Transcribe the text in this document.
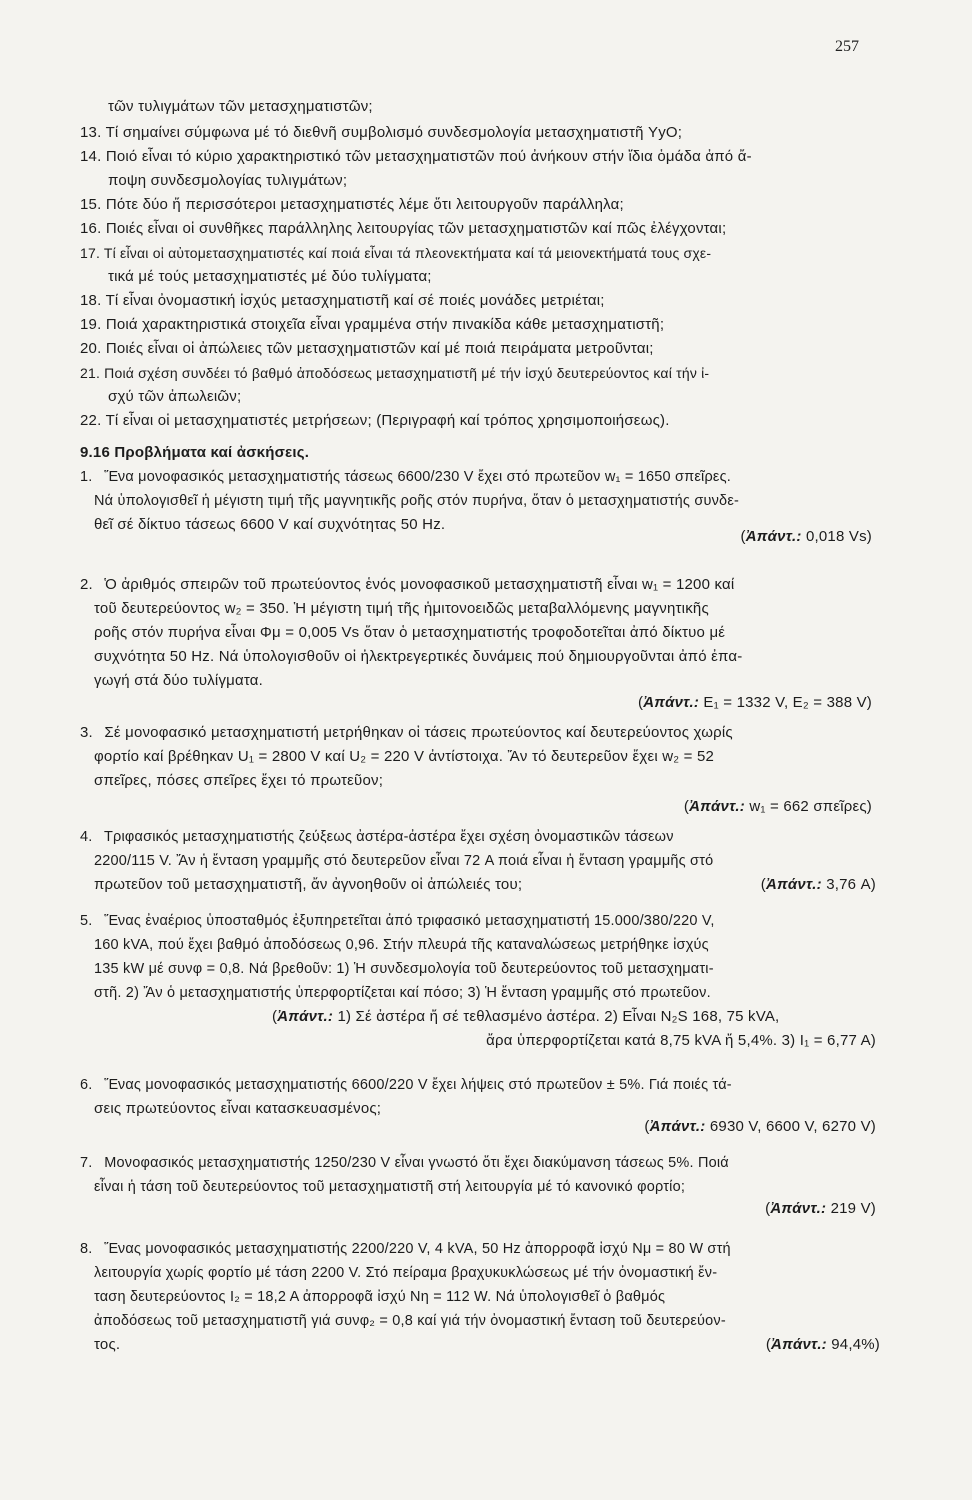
257
τῶν τυλιγμάτων τῶν μετασχηματιστῶν;
13. Τί σημαίνει σύμφωνα μέ τό διεθνῆ συμβολισμό συνδεσμολογία μετασχηματιστῆ YyO;
14. Ποιό εἶναι τό κύριο χαρακτηριστικό τῶν μετασχηματιστῶν πού ἀνήκουν στήν ἴδια ὁμάδα ἀπό ἄ-
ποψη συνδεσμολογίας τυλιγμάτων;
15. Πότε δύο ἤ περισσότεροι μετασχηματιστές λέμε ὅτι λειτουργοῦν παράλληλα;
16. Ποιές εἶναι οἱ συνθῆκες παράλληλης λειτουργίας τῶν μετασχηματιστῶν καί πῶς ἐλέγχονται;
17. Τί εἶναι οἱ αὐτομετασχηματιστές καί ποιά εἶναι τά πλεονεκτήματα καί τά μειονεκτήματά τους σχε-
τικά μέ τούς μετασχηματιστές μέ δύο τυλίγματα;
18. Τί εἶναι ὀνομαστική ἰσχύς μετασχηματιστῆ καί σέ ποιές μονάδες μετριέται;
19. Ποιά χαρακτηριστικά στοιχεῖα εἶναι γραμμένα στήν πινακίδα κάθε μετασχηματιστῆ;
20. Ποιές εἶναι οἱ ἀπώλειες τῶν μετασχηματιστῶν καί μέ ποιά πειράματα μετροῦνται;
21. Ποιά σχέση συνδέει τό βαθμό ἀποδόσεως μετασχηματιστῆ μέ τήν ἰσχύ δευτερεύοντος καί τήν ἰ-
σχύ τῶν ἀπωλειῶν;
22. Τί εἶναι οἱ μετασχηματιστές μετρήσεων; (Περιγραφή καί τρόπος χρησιμοποιήσεως).
9.16 Προβλήματα καί ἀσκήσεις.
1. Ἕνα μονοφασικός μετασχηματιστής τάσεως 6600/230 V ἔχει στό πρωτεῦον w₁ = 1650 σπεῖρες.
Νά ὑπολογισθεῖ ἡ μέγιστη τιμή τῆς μαγνητικῆς ροῆς στόν πυρήνα, ὅταν ὁ μετασχηματιστής συνδε-
θεῖ σέ δίκτυο τάσεως 6600 V καί συχνότητας 50 Hz.
(Ἀπάντ.: 0,018 Vs)
2. Ὁ ἀριθμός σπειρῶν τοῦ πρωτεύοντος ἑνός μονοφασικοῦ μετασχηματιστῆ εἶναι w₁ = 1200 καί
τοῦ δευτερεύοντος w₂ = 350. Ἡ μέγιστη τιμή τῆς ἡμιτονοειδῶς μεταβαλλόμενης μαγνητικῆς
ροῆς στόν πυρήνα εἶναι Φμ = 0,005 Vs ὅταν ὁ μετασχηματιστής τροφοδοτεῖται ἀπό δίκτυο μέ
συχνότητα 50 Hz. Νά ὑπολογισθοῦν οἱ ἠλεκτρεγερτικές δυνάμεις πού δημιουργοῦνται ἀπό ἐπα-
γωγή στά δύο τυλίγματα.
(Ἀπάντ.: E₁ = 1332 V, E₂ = 388 V)
3. Σέ μονοφασικό μετασχηματιστή μετρήθηκαν οἱ τάσεις πρωτεύοντος καί δευτερεύοντος χωρίς
φορτίο καί βρέθηκαν U₁ = 2800 V καί U₂ = 220 V ἀντίστοιχα. Ἄν τό δευτερεῦον ἔχει w₂ = 52
σπεῖρες, πόσες σπεῖρες ἔχει τό πρωτεῦον;
(Ἀπάντ.: w₁ = 662 σπεῖρες)
4. Τριφασικός μετασχηματιστής ζεύξεως ἀστέρα-ἀστέρα ἔχει σχέση ὀνομαστικῶν τάσεων
2200/115 V. Ἄν ἡ ἔνταση γραμμῆς στό δευτερεῦον εἶναι 72 A ποιά εἶναι ἡ ἔνταση γραμμῆς στό
πρωτεῦον τοῦ μετασχηματιστῆ, ἄν ἀγνοηθοῦν οἱ ἀπώλειές του;	(Ἀπάντ.: 3,76 A)
5. Ἕνας ἐναέριος ὑποσταθμός ἐξυπηρετεῖται ἀπό τριφασικό μετασχηματιστή 15.000/380/220 V,
160 kVA, πού ἔχει βαθμό ἀποδόσεως 0,96. Στήν πλευρά τῆς καταναλώσεως μετρήθηκε ἰσχύς
135 kW μέ συνφ = 0,8. Νά βρεθοῦν: 1) Ἡ συνδεσμολογία τοῦ δευτερεύοντος τοῦ μετασχηματι-
στῆ. 2) Ἄν ὁ μετασχηματιστής ὑπερφορτίζεται καί πόσο; 3) Ἡ ἔνταση γραμμῆς στό πρωτεῦον.
(Ἀπάντ.: 1) Σέ ἀστέρα ἤ σέ τεθλασμένο ἀστέρα. 2) Εἶναι N₂S 168, 75 kVA,
ἄρα ὑπερφορτίζεται κατά 8,75 kVA ἤ 5,4%. 3) I₁ = 6,77 A)
6. Ἕνας μονοφασικός μετασχηματιστής 6600/220 V ἔχει λήψεις στό πρωτεῦον ± 5%. Γιά ποιές τά-
σεις πρωτεύοντος εἶναι κατασκευασμένος;
(Ἀπάντ.: 6930 V, 6600 V, 6270 V)
7. Μονοφασικός μετασχηματιστής 1250/230 V εἶναι γνωστό ὅτι ἔχει διακύμανση τάσεως 5%. Ποιά
εἶναι ἡ τάση τοῦ δευτερεύοντος τοῦ μετασχηματιστῆ στή λειτουργία μέ τό κανονικό φορτίο;
(Ἀπάντ.: 219 V)
8. Ἕνας μονοφασικός μετασχηματιστής 2200/220 V, 4 kVA, 50 Hz ἀπορροφᾶ ἰσχύ Nμ = 80 W στή
λειτουργία χωρίς φορτίο μέ τάση 2200 V. Στό πείραμα βραχυκυκλώσεως μέ τήν ὀνομαστική ἔν-
ταση δευτερεύοντος I₂ = 18,2 A ἀπορροφᾶ ἰσχύ Nη = 112 W. Νά ὑπολογισθεῖ ὁ βαθμός
ἀποδόσεως τοῦ μετασχηματιστῆ γιά συνφ₂ = 0,8 καί γιά τήν ὀνομαστική ἔνταση τοῦ δευτερεύον-
τος.	(Ἀπάντ.: 94,4%)
